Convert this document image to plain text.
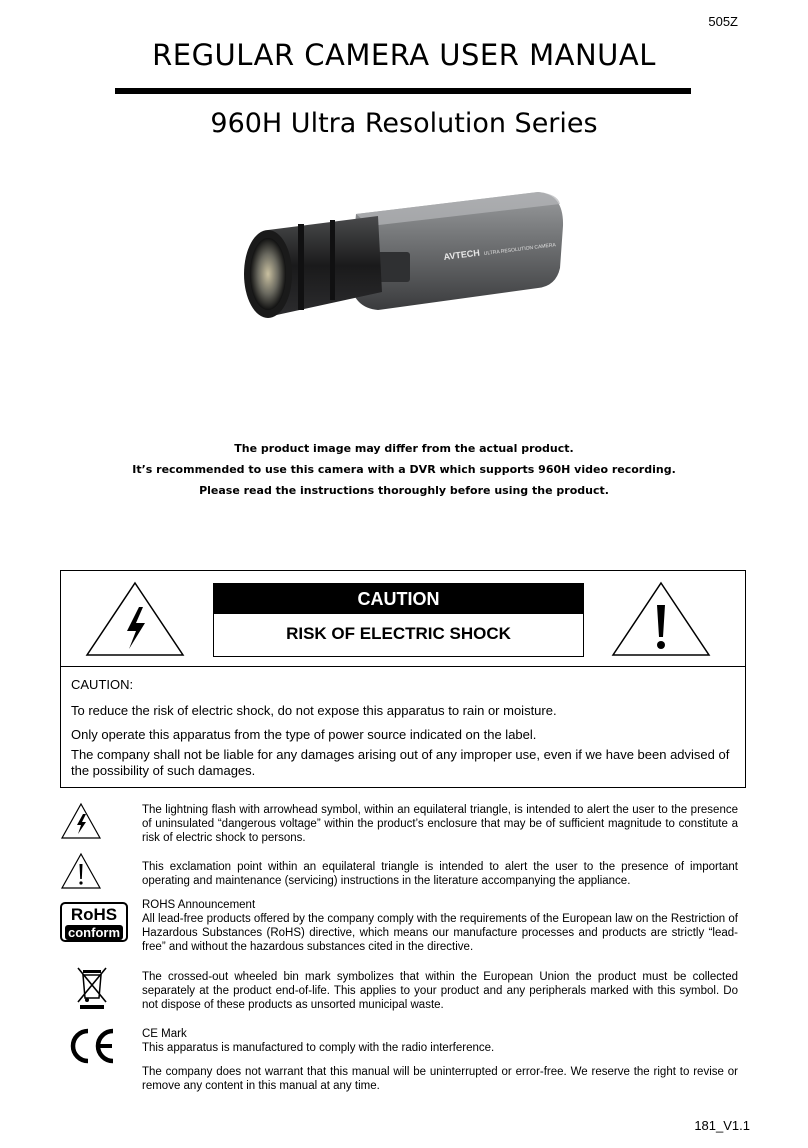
505Z
REGULAR CAMERA USER MANUAL
960H Ultra Resolution Series
AVTECH ULTRA RESOLUTION CAMERA
The product image may differ from the actual product.
It’s recommended to use this camera with a DVR which supports 960H video recording.
Please read the instructions thoroughly before using the product.
CAUTION
RISK OF ELECTRIC SHOCK
CAUTION:
To reduce the risk of electric shock, do not expose this apparatus to rain or moisture.
Only operate this apparatus from the type of power source indicated on the label.
The company shall not be liable for any damages arising out of any improper use, even if we have been advised of the possibility of such damages.
The lightning flash with arrowhead symbol, within an equilateral triangle, is intended to alert the user to the presence of uninsulated “dangerous voltage” within the product’s enclosure that may be of sufficient magnitude to constitute a risk of electric shock to persons.
This exclamation point within an equilateral triangle is intended to alert the user to the presence of important operating and maintenance (servicing) instructions in the literature accompanying the appliance.
RoHS
conform
ROHS Announcement
All lead-free products offered by the company comply with the requirements of the European law on the Restriction of Hazardous Substances (RoHS) directive, which means our manufacture processes and products are strictly “lead-free” and without the hazardous substances cited in the directive.
The crossed-out wheeled bin mark symbolizes that within the European Union the product must be collected separately at the product end-of-life. This applies to your product and any peripherals marked with this symbol. Do not dispose of these products as unsorted municipal waste.
CE Mark
This apparatus is manufactured to comply with the radio interference.
The company does not warrant that this manual will be uninterrupted or error-free. We reserve the right to revise or remove any content in this manual at any time.
181_V1.1
